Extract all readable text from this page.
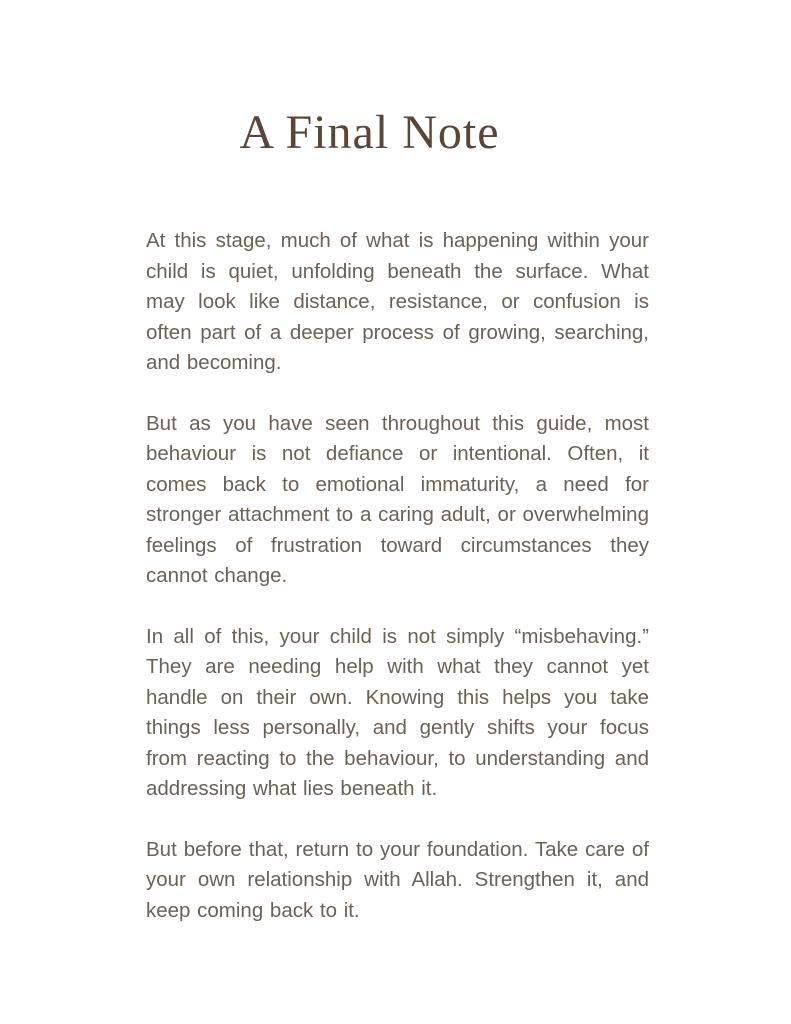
A Final Note

At this stage, much of what is happening within your child is quiet, unfolding beneath the surface. What may look like distance, resistance, or confusion is often part of a deeper process of growing, searching, and becoming.

But as you have seen throughout this guide, most behaviour is not defiance or intentional. Often, it comes back to emotional immaturity, a need for stronger attachment to a caring adult, or overwhelming feelings of frustration toward circumstances they cannot change.

In all of this, your child is not simply “misbehaving.” They are needing help with what they cannot yet handle on their own. Knowing this helps you take things less personally, and gently shifts your focus from reacting to the behaviour, to understanding and addressing what lies beneath it.

But before that, return to your foundation. Take care of your own relationship with Allah. Strengthen it, and keep coming back to it.
